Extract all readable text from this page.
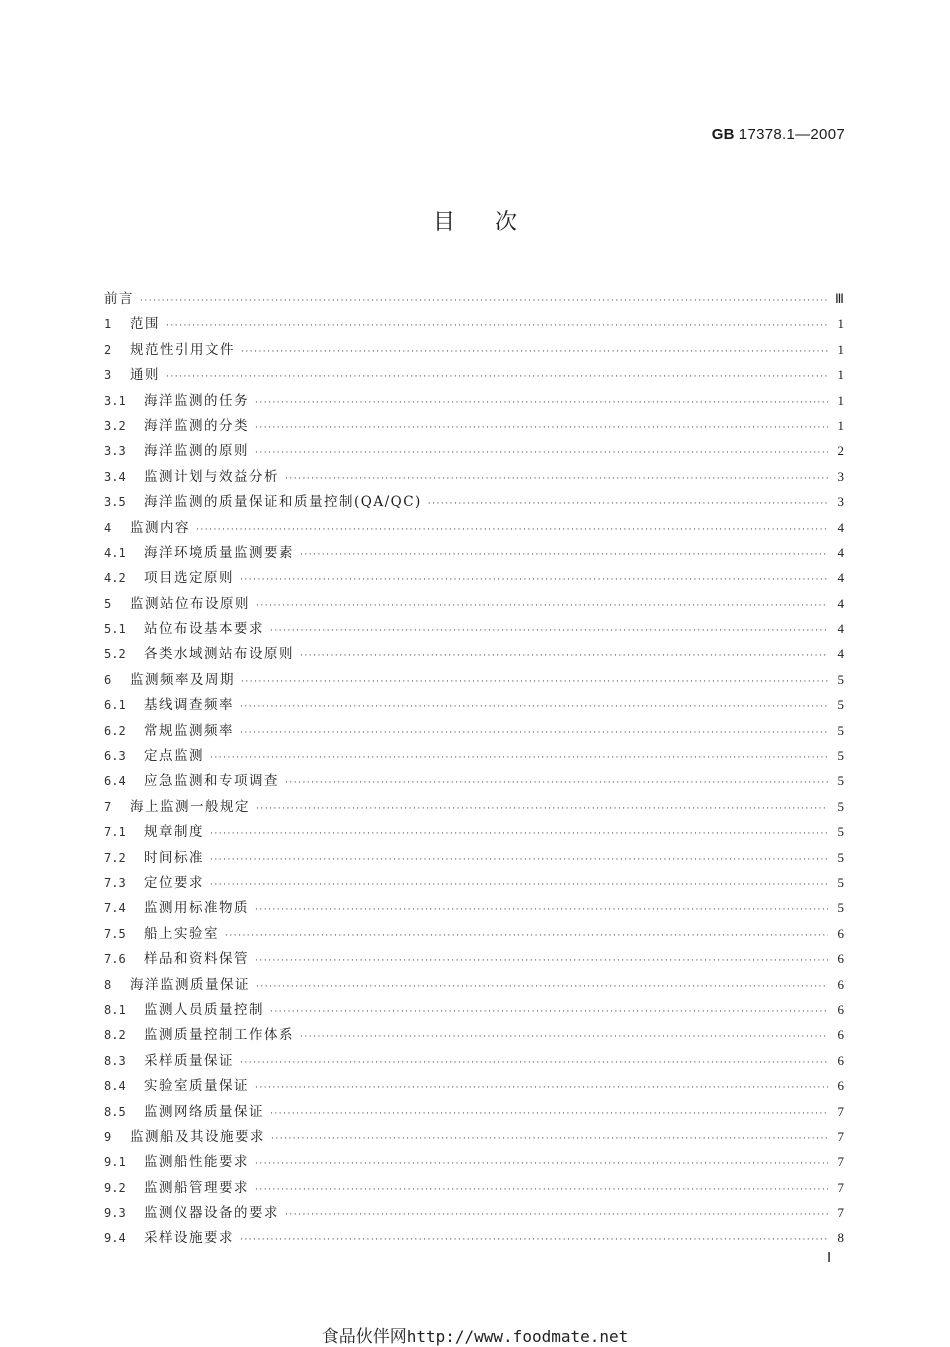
GB 17378.1—2007
目次
前言 ·····	Ⅲ
1	范围 ·····	1
2	规范性引用文件 ·····	1
3	通则 ·····	1
3.1	海洋监测的任务 ·····	1
3.2	海洋监测的分类 ·····	1
3.3	海洋监测的原则 ·····	2
3.4	监测计划与效益分析 ·····	3
3.5	海洋监测的质量保证和质量控制(QA/QC) ·····	3
4	监测内容 ·····	4
4.1	海洋环境质量监测要素 ·····	4
4.2	项目选定原则 ·····	4
5	监测站位布设原则 ·····	4
5.1	站位布设基本要求 ·····	4
5.2	各类水域测站布设原则 ·····	4
6	监测频率及周期 ·····	5
6.1	基线调查频率 ·····	5
6.2	常规监测频率 ·····	5
6.3	定点监测 ·····	5
6.4	应急监测和专项调查 ·····	5
7	海上监测一般规定 ·····	5
7.1	规章制度 ·····	5
7.2	时间标准 ·····	5
7.3	定位要求 ·····	5
7.4	监测用标准物质 ·····	5
7.5	船上实验室 ·····	6
7.6	样品和资料保管 ·····	6
8	海洋监测质量保证 ·····	6
8.1	监测人员质量控制 ·····	6
8.2	监测质量控制工作体系 ·····	6
8.3	采样质量保证 ·····	6
8.4	实验室质量保证 ·····	6
8.5	监测网络质量保证 ·····	7
9	监测船及其设施要求 ·····	7
9.1	监测船性能要求 ·····	7
9.2	监测船管理要求 ·····	7
9.3	监测仪器设备的要求 ·····	7
9.4	采样设施要求 ·····	8
Ⅰ
食品伙伴网http://www.foodmate.net
